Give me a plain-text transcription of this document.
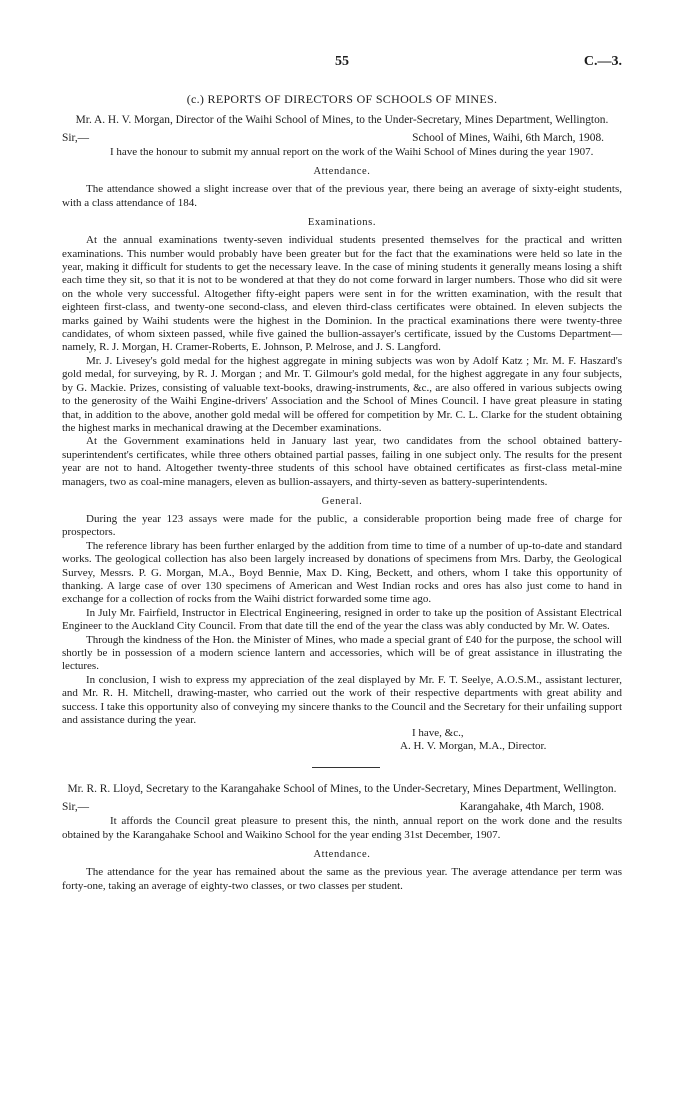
55	C.—3.
(c.) REPORTS OF DIRECTORS OF SCHOOLS OF MINES.

Mr. A. H. V. Morgan, Director of the Waihi School of Mines, to the Under-Secretary, Mines Department, Wellington.

Sir,—	School of Mines, Waihi, 6th March, 1908.

I have the honour to submit my annual report on the work of the Waihi School of Mines during the year 1907.

Attendance.

The attendance showed a slight increase over that of the previous year, there being an average of sixty-eight students, with a class attendance of 184.

Examinations.

At the annual examinations twenty-seven individual students presented themselves for the practical and written examinations. This number would probably have been greater but for the fact that the examinations were held so late in the year, making it difficult for students to get the necessary leave. In the case of mining students it generally means losing a shift each time they sit, so that it is not to be wondered at that they do not come forward in larger numbers. Those who did sit were on the whole very successful. Altogether fifty-eight papers were sent in for the written examination, with the result that eighteen first-class, and twenty-one second-class, and eleven third-class certificates were obtained. In eleven subjects the marks gained by Waihi students were the highest in the Dominion. In the practical examinations there were twenty-three candidates, of whom sixteen passed, while five gained the bullion-assayer's certificate, issued by the Customs Department—namely, R. J. Morgan, H. Cramer-Roberts, E. Johnson, P. Melrose, and J. S. Langford.

Mr. J. Livesey's gold medal for the highest aggregate in mining subjects was won by Adolf Katz ; Mr. M. F. Haszard's gold medal, for surveying, by R. J. Morgan ; and Mr. T. Gilmour's gold medal, for the highest aggregate in any four subjects, by G. Mackie. Prizes, consisting of valuable text-books, drawing-instruments, &c., are also offered in various subjects owing to the generosity of the Waihi Engine-drivers' Association and the School of Mines Council. I have great pleasure in stating that, in addition to the above, another gold medal will be offered for competition by Mr. C. L. Clarke for the student obtaining the highest marks in mechanical drawing at the December examinations.

At the Government examinations held in January last year, two candidates from the school obtained battery-superintendent's certificates, while three others obtained partial passes, failing in one subject only. The results for the present year are not to hand. Altogether twenty-three students of this school have obtained certificates as first-class metal-mine managers, two as coal-mine managers, eleven as bullion-assayers, and thirty-seven as battery-superintendents.

General.

During the year 123 assays were made for the public, a considerable proportion being made free of charge for prospectors.

The reference library has been further enlarged by the addition from time to time of a number of up-to-date and standard works. The geological collection has also been largely increased by donations of specimens from Mrs. Darby, the Geological Survey, Messrs. P. G. Morgan, M.A., Boyd Bennie, Max D. King, Beckett, and others, whom I take this opportunity of thanking. A large case of over 130 specimens of American and West Indian rocks and ores has also just come to hand in exchange for a collection of rocks from the Waihi district forwarded some time ago.

In July Mr. Fairfield, Instructor in Electrical Engineering, resigned in order to take up the position of Assistant Electrical Engineer to the Auckland City Council. From that date till the end of the year the class was ably conducted by Mr. W. Oates.

Through the kindness of the Hon. the Minister of Mines, who made a special grant of £40 for the purpose, the school will shortly be in possession of a modern science lantern and accessories, which will be of great assistance in illustrating the lectures.

In conclusion, I wish to express my appreciation of the zeal displayed by Mr. F. T. Seelye, A.O.S.M., assistant lecturer, and Mr. R. H. Mitchell, drawing-master, who carried out the work of their respective departments with great ability and success. I take this opportunity also of conveying my sincere thanks to the Council and the Secretary for their unfailing support and assistance during the year.

I have, &c.,

A. H. V. Morgan, M.A., Director.

Mr. R. R. Lloyd, Secretary to the Karangahake School of Mines, to the Under-Secretary, Mines Department, Wellington.

Sir,—	Karangahake, 4th March, 1908.

It affords the Council great pleasure to present this, the ninth, annual report on the work done and the results obtained by the Karangahake School and Waikino School for the year ending 31st December, 1907.

Attendance.

The attendance for the year has remained about the same as the previous year. The average attendance per term was forty-one, taking an average of eighty-two classes, or two classes per student.
